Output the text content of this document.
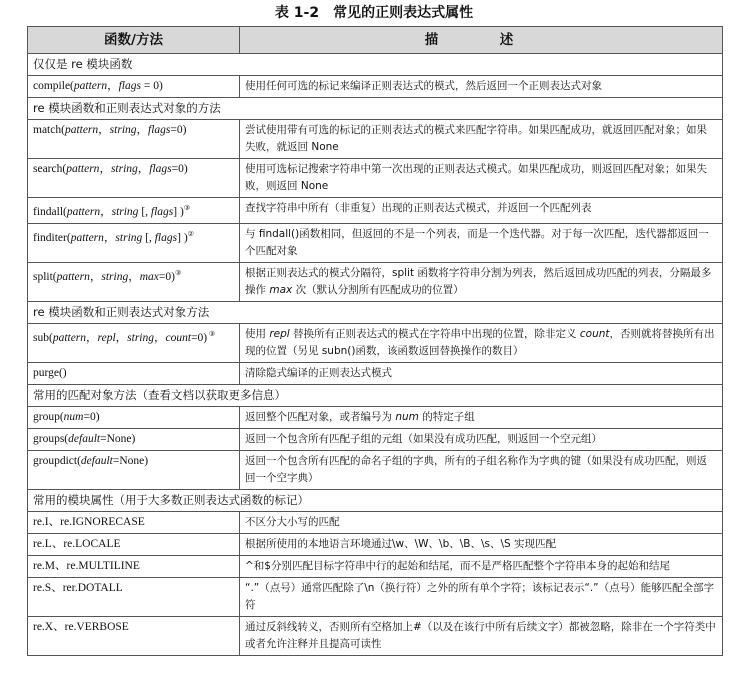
表 1-2　常见的正则表达式属性
函数/方法	描　述
仅仅是 re 模块函数	
compile(pattern，flags = 0)	使用任何可选的标记来编译正则表达式的模式，然后返回一个正则表达式对象
re 模块函数和正则表达式对象的方法	
match(pattern，string，flags=0)	尝试使用带有可选的标记的正则表达式的模式来匹配字符串。如果匹配成功，就返回匹配对象；如果失败，就返回 None
search(pattern，string，flags=0)	使用可选标记搜索字符串中第一次出现的正则表达式模式。如果匹配成功，则返回匹配对象；如果失败，则返回 None
findall(pattern，string [, flags] )③	查找字符串中所有（非重复）出现的正则表达式模式，并返回一个匹配列表
finditer(pattern，string [, flags] )②	与 findall()函数相同，但返回的不是一个列表，而是一个迭代器。对于每一次匹配，迭代器都返回一个匹配对象
split(pattern，string，max=0)③	根据正则表达式的模式分隔符，split 函数将字符串分割为列表，然后返回成功匹配的列表，分隔最多操作 max 次（默认分割所有匹配成功的位置）
re 模块函数和正则表达式对象方法	
sub(pattern，repl，string，count=0) ③	使用 repl 替换所有正则表达式的模式在字符串中出现的位置，除非定义 count，否则就将替换所有出现的位置（另见 subn()函数，该函数返回替换操作的数目）
purge()	清除隐式编译的正则表达式模式
常用的匹配对象方法（查看文档以获取更多信息）	
group(num=0)	返回整个匹配对象，或者编号为 num 的特定子组
groups(default=None)	返回一个包含所有匹配子组的元组（如果没有成功匹配，则返回一个空元组）
groupdict(default=None)	返回一个包含所有匹配的命名子组的字典，所有的子组名称作为字典的键（如果没有成功匹配，则返回一个空字典）
常用的模块属性（用于大多数正则表达式函数的标记）	
re.I、re.IGNORECASE	不区分大小写的匹配
re.L、re.LOCALE	根据所使用的本地语言环境通过\w、\W、\b、\B、\s、\S 实现匹配
re.M、re.MULTILINE	^和$分别匹配目标字符串中行的起始和结尾，而不是严格匹配整个字符串本身的起始和结尾
re.S、rer.DOTALL	“.”（点号）通常匹配除了\n（换行符）之外的所有单个字符；该标记表示“.”（点号）能够匹配全部字符
re.X、re.VERBOSE	通过反斜线转义，否则所有空格加上#（以及在该行中所有后续文字）都被忽略，除非在一个字符类中或者允许注释并且提高可读性
